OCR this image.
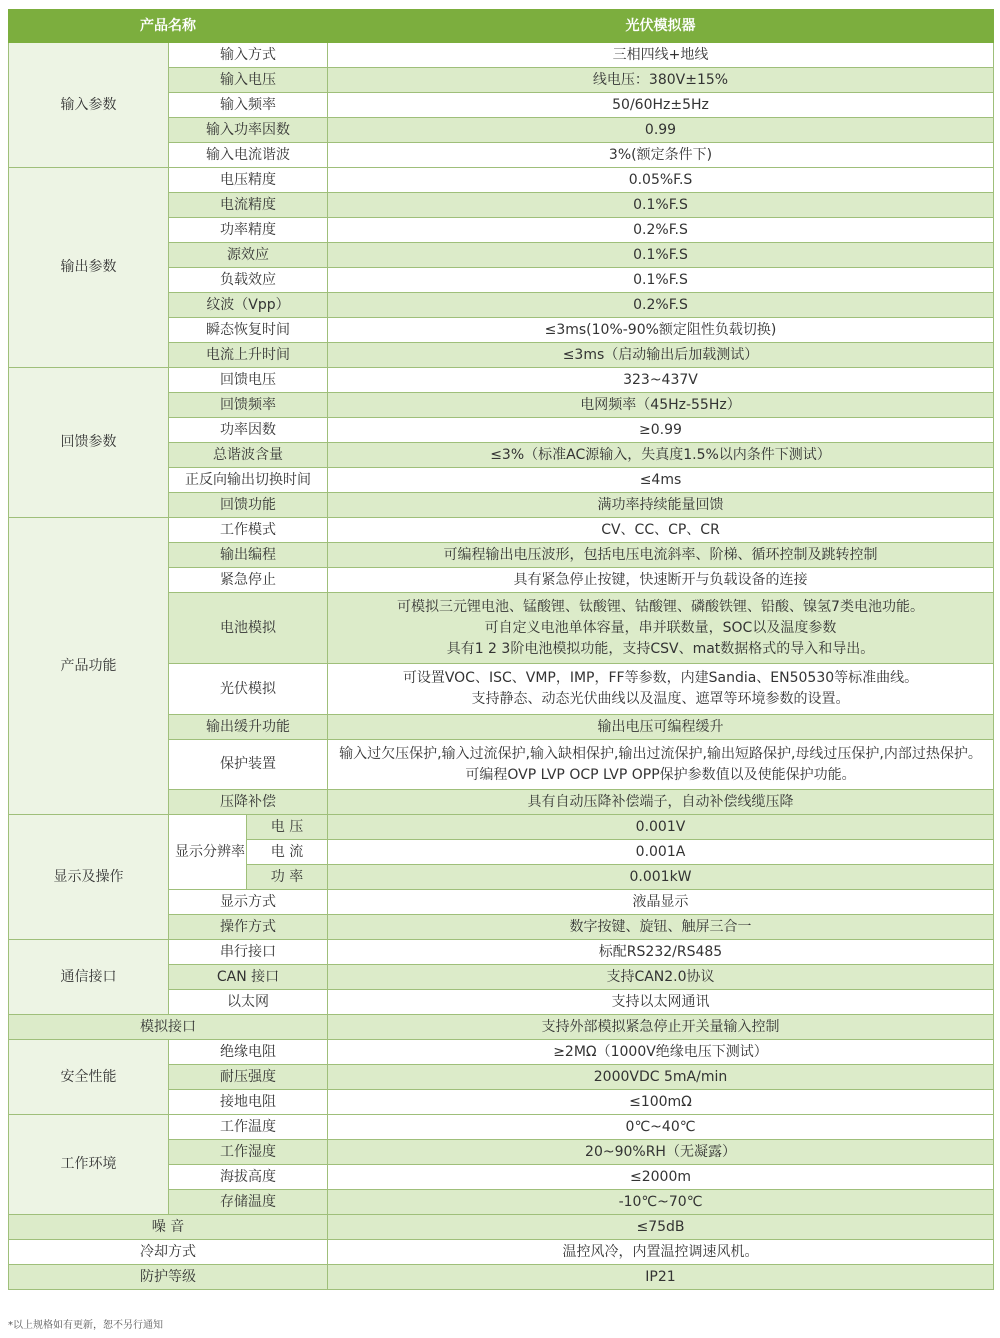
产品名称			光伏模拟器
输入参数	输入方式		三相四线+地线
	输入电压		线电压：380V±15%
	输入频率		50/60Hz±5Hz
	输入功率因数		0.99
	输入电流谐波		3%(额定条件下)
输出参数	电压精度		0.05%F.S
	电流精度		0.1%F.S
	功率精度		0.2%F.S
	源效应		0.1%F.S
	负载效应		0.1%F.S
	纹波（Vpp）		0.2%F.S
	瞬态恢复时间		≤3ms(10%-90%额定阻性负载切换)
	电流上升时间		≤3ms（启动输出后加载测试）
回馈参数	回馈电压		323~437V
	回馈频率		电网频率（45Hz-55Hz）
	功率因数		≥0.99
	总谐波含量		≤3%（标准AC源输入，失真度1.5%以内条件下测试）
	正反向输出切换时间		≤4ms
	回馈功能		满功率持续能量回馈
产品功能	工作模式		CV、CC、CP、CR

	输出编程		可编程输出电压波形，包括电压电流斜率、阶梯、循环控制及跳转控制

	紧急停止		具有紧急停止按键，快速断开与负载设备的连接

	电池模拟		可模拟三元锂电池、锰酸锂、钛酸锂、钴酸锂、磷酸铁锂、铅酸、镍氢7类电池功能。
可自定义电池单体容量，串并联数量，SOC以及温度参数
具有1 2 3阶电池模拟功能，支持CSV、mat数据格式的导入和导出。

	光伏模拟		可设置VOC、ISC、VMP，IMP，FF等参数，内建Sandia、EN50530等标准曲线。
支持静态、动态光伏曲线以及温度、遮罩等环境参数的设置。

	输出缓升功能		输出电压可编程缓升

	保护装置		输入过欠压保护,输入过流保护,输入缺相保护,输出过流保护,输出短路保护,母线过压保护,内部过热保护。
可编程OVP LVP OCP LVP OPP保护参数值以及使能保护功能。

	压降补偿		具有自动压降补偿端子，自动补偿线缆压降

显示及操作	显示分辨率	电 压	0.001V
		电 流	0.001A
		功 率	0.001kW
	显示方式		液晶显示
	操作方式		数字按键、旋钮、触屏三合一
通信接口	串行接口		标配RS232/RS485
	CAN 接口		支持CAN2.0协议
	以太网		支持以太网通讯
模拟接口			支持外部模拟紧急停止开关量输入控制
安全性能	绝缘电阻		≥2MΩ（1000V绝缘电压下测试）
	耐压强度		2000VDC 5mA/min
	接地电阻		≤100mΩ
工作环境	工作温度		0℃~40℃
	工作湿度		20~90%RH（无凝露）
	海拔高度		≤2000m
	存储温度		-10℃~70℃
噪 音			≤75dB
冷却方式			温控风冷，内置温控调速风机。
防护等级			IP21
*以上规格如有更新，恕不另行通知
